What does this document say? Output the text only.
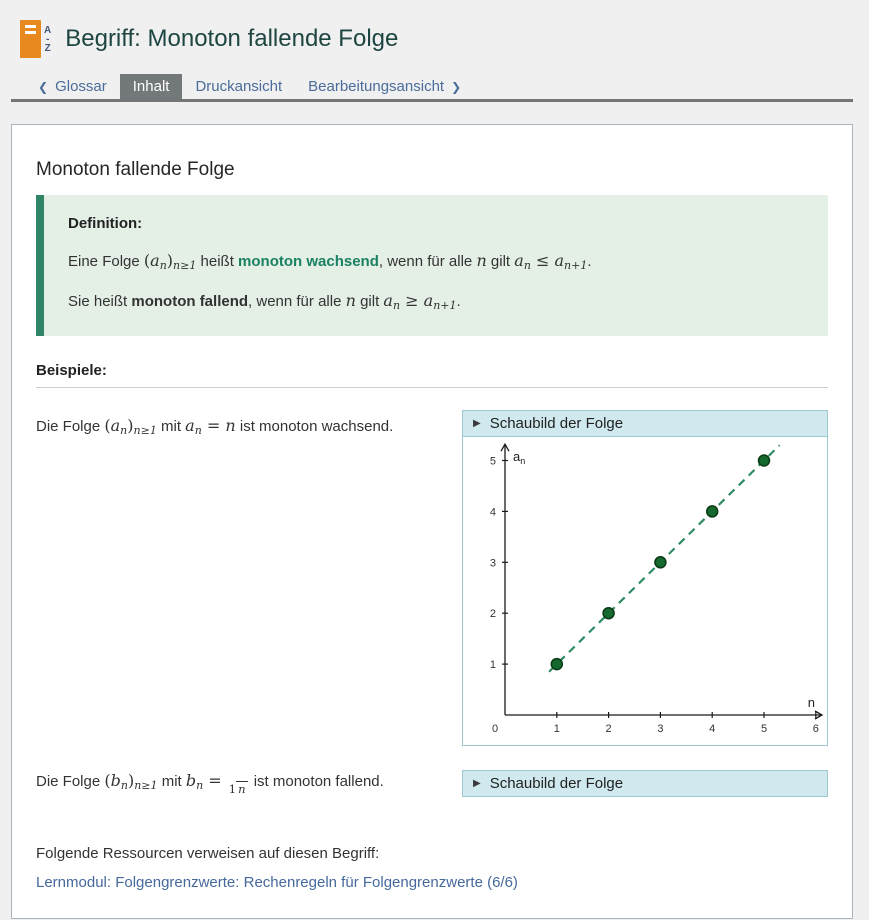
A
-
Z Begriff: Monoton fallende Folge
❮ Glossar Inhalt Druckansicht Bearbeitungsansicht ❯
Monoton fallende Folge
Definition:

Eine Folge $(a_n)_{n\ge 1}$ heißt monoton wachsend, wenn für alle n gilt $a_n \le a_{n+1}$.

Sie heißt monoton fallend, wenn für alle n gilt $a_n \ge a_{n+1}$.

Beispiele:
Die Folge $(a_n)_{n\ge 1}$ mit $a_n = n$ ist monoton wachsend.	▶ Schaubild der Folge
0	1	2	3	4	5	6
1
2
3
4
5
n
$a_n$
Die Folge $(b_n)_{n\ge 1}$ mit $b_n = 1$ n ist monoton fallend.	▶ Schaubild der Folge
Folgende Ressourcen verweisen auf diesen Begriff:
Lernmodul: Folgengrenzwerte: Rechenregeln für Folgengrenzwerte (6/6)
